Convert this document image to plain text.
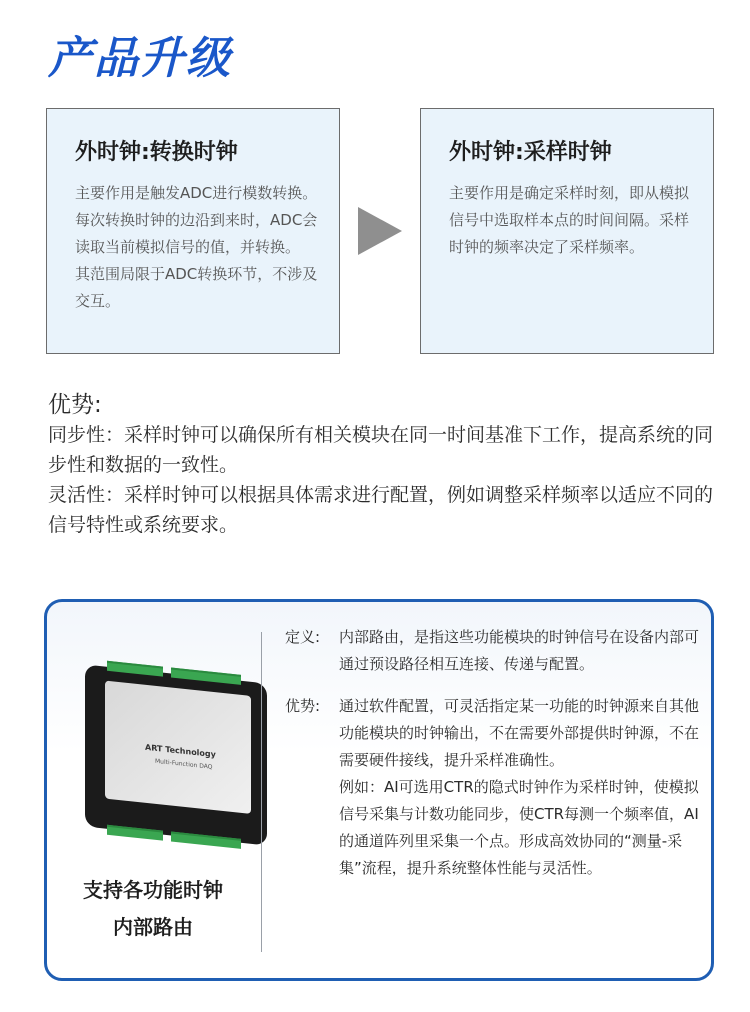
产品升级
外时钟:转换时钟

主要作用是触发ADC进行模数转换。每次转换时钟的边沿到来时，ADC会读取当前模拟信号的值，并转换。

其范围局限于ADC转换环节，不涉及交互。

外时钟:采样时钟

主要作用是确定采样时刻，即从模拟信号中选取样本点的时间间隔。采样时钟的频率决定了采样频率。

优势:

同步性：采样时钟可以确保所有相关模块在同一时间基准下工作，提高系统的同步性和数据的一致性。

灵活性：采样时钟可以根据具体需求进行配置，例如调整采样频率以适应不同的信号特性或系统要求。

ART Technology
Multi-Function DAQ
支持各功能时钟
内部路由
定义:	内部路由，是指这些功能模块的时钟信号在设备内部可通过预设路径相互连接、传递与配置。
优势:	通过软件配置，可灵活指定某一功能的时钟源来自其他功能模块的时钟输出，不在需要外部提供时钟源，不在需要硬件接线，提升采样准确性。
例如：AI可选用CTR的隐式时钟作为采样时钟，使模拟信号采集与计数功能同步，使CTR每测一个频率值，AI 的通道阵列里采集一个点。形成高效协同的“测量-采集”流程，提升系统整体性能与灵活性。
